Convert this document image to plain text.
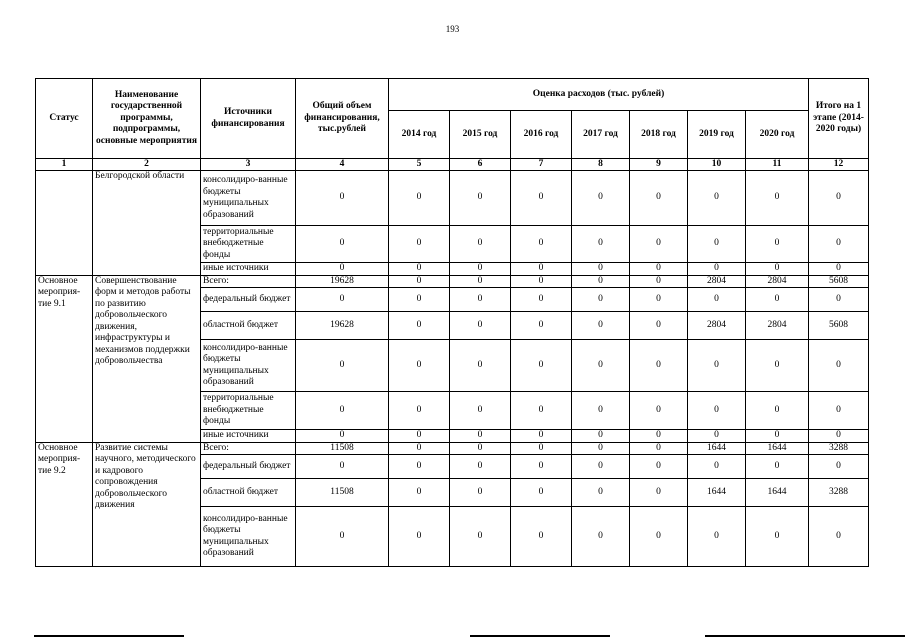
193
Статус	Наименование государственной программы, подпрограммы, основные мероприятия	Источники финансирования	Общий объем финансирования, тыс.рублей	Оценка расходов (тыс. рублей)							Итого на 1 этапе (2014-2020 годы)
				2014 год	2015 год	2016 год	2017 год	2018 год	2019 год	2020 год	
1	2	3	4	5	6	7	8	9	10	11	12
	Белгородской области	консолидиро-ванные бюджеты муниципальных образований	0	0	0	0	0	0	0	0	0
		территориальные внебюджетные фонды	0	0	0	0	0	0	0	0	0
		иные источники	0	0	0	0	0	0	0	0	0
Основное мероприя-тие 9.1	Совершенствование форм и методов работы по развитию добровольческого движения, инфраструктуры и механизмов поддержки добровольчества	Всего:	19628	0	0	0	0	0	2804	2804	5608
		федеральный бюджет	0	0	0	0	0	0	0	0	0
		областной бюджет	19628	0	0	0	0	0	2804	2804	5608
		консолидиро-ванные бюджеты муниципальных образований	0	0	0	0	0	0	0	0	0
		территориальные внебюджетные фонды	0	0	0	0	0	0	0	0	0
		иные источники	0	0	0	0	0	0	0	0	0
Основное мероприя-тие 9.2	Развитие системы научного, методического и кадрового сопровождения добровольческого движения	Всего:	11508	0	0	0	0	0	1644	1644	3288
		федеральный бюджет	0	0	0	0	0	0	0	0	0
		областной бюджет	11508	0	0	0	0	0	1644	1644	3288
		консолидиро-ванные бюджеты муниципальных образований	0	0	0	0	0	0	0	0	0
